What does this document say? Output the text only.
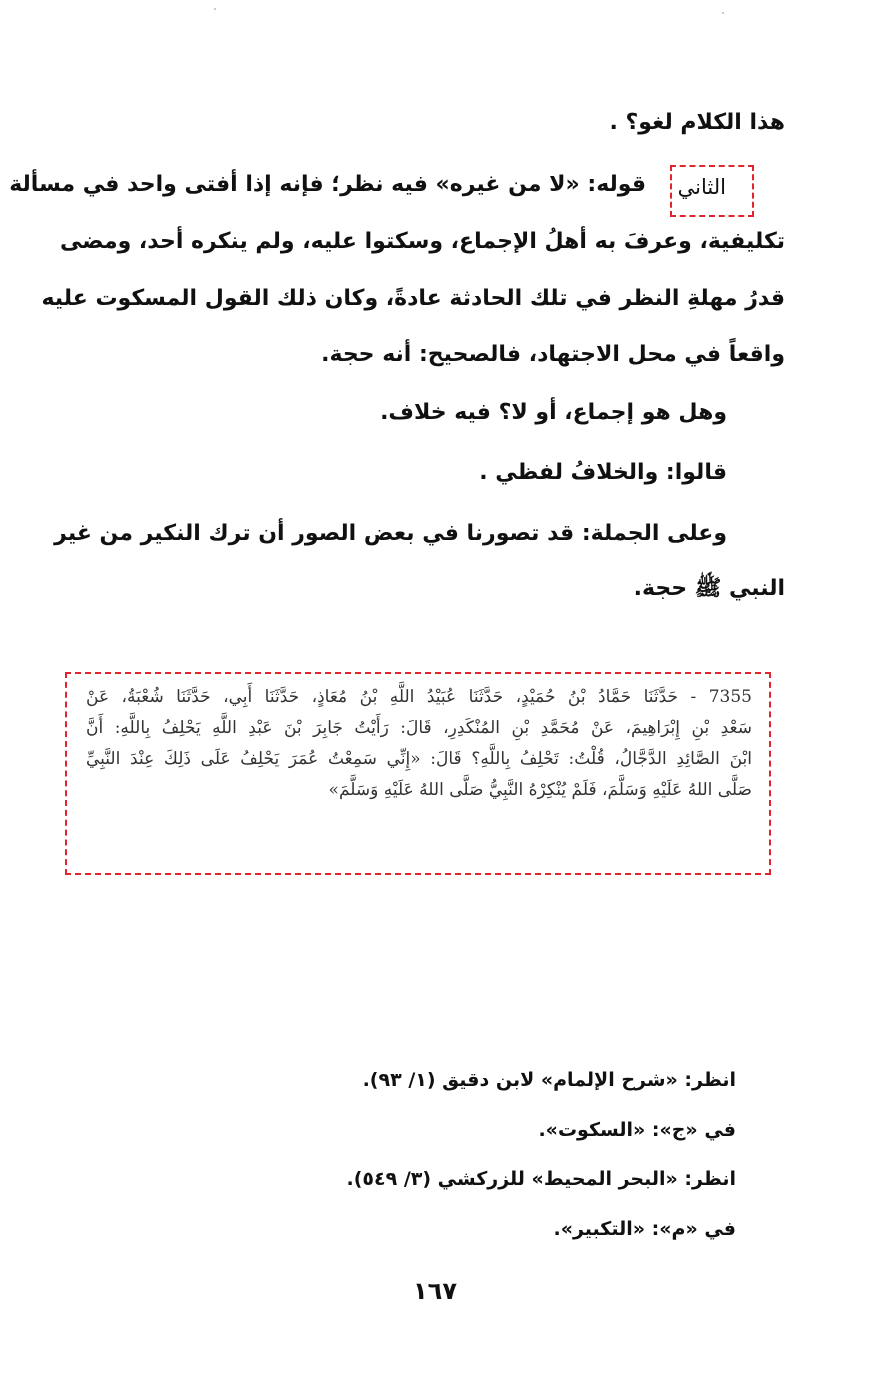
هذا الكلام لغو؟ .
الثاني
قوله: «لا من غيره» فيه نظر؛ فإنه إذا أفتى واحد في مسألة
تكليفية، وعرفَ به أهلُ الإجماع، وسكتوا عليه، ولم ينكره أحد، ومضى
قدرُ مهلةِ النظر في تلك الحادثة عادةً، وكان ذلك القول المسكوت عليه
واقعاً في محل الاجتهاد، فالصحيح: أنه حجة.
وهل هو إجماع، أو لا؟ فيه خلاف.
قالوا: والخلافُ لفظي .
وعلى الجملة: قد تصورنا في بعض الصور أن ترك النكير من غير
النبي ﷺ حجة.
7355 - حَدَّثَنَا حَمَّادُ بْنُ حُمَيْدٍ، حَدَّثَنَا عُبَيْدُ اللَّهِ بْنُ مُعَاذٍ، حَدَّثَنَا أَبِي، حَدَّثَنَا شُعْبَةُ، عَنْ
سَعْدِ بْنِ إِبْرَاهِيمَ، عَنْ مُحَمَّدِ بْنِ المُنْكَدِرِ، قَالَ: رَأَيْتُ جَابِرَ بْنَ عَبْدِ اللَّهِ يَحْلِفُ بِاللَّهِ: أَنَّ
ابْنَ الصَّائِدِ الدَّجَّالُ، قُلْتُ: تَحْلِفُ بِاللَّهِ؟ قَالَ: «إِنِّي سَمِعْتُ عُمَرَ يَحْلِفُ عَلَى ذَلِكَ عِنْدَ النَّبِيِّ
صَلَّى اللهُ عَلَيْهِ وَسَلَّمَ، فَلَمْ يُنْكِرْهُ النَّبِيُّ صَلَّى اللهُ عَلَيْهِ وَسَلَّمَ»
انظر: «شرح الإلمام» لابن دقيق (١/ ٩٣).
في «ج»: «السكوت».
انظر: «البحر المحيط» للزركشي (٣/ ٥٤٩).
في «م»: «التكبير».
١٦٧
